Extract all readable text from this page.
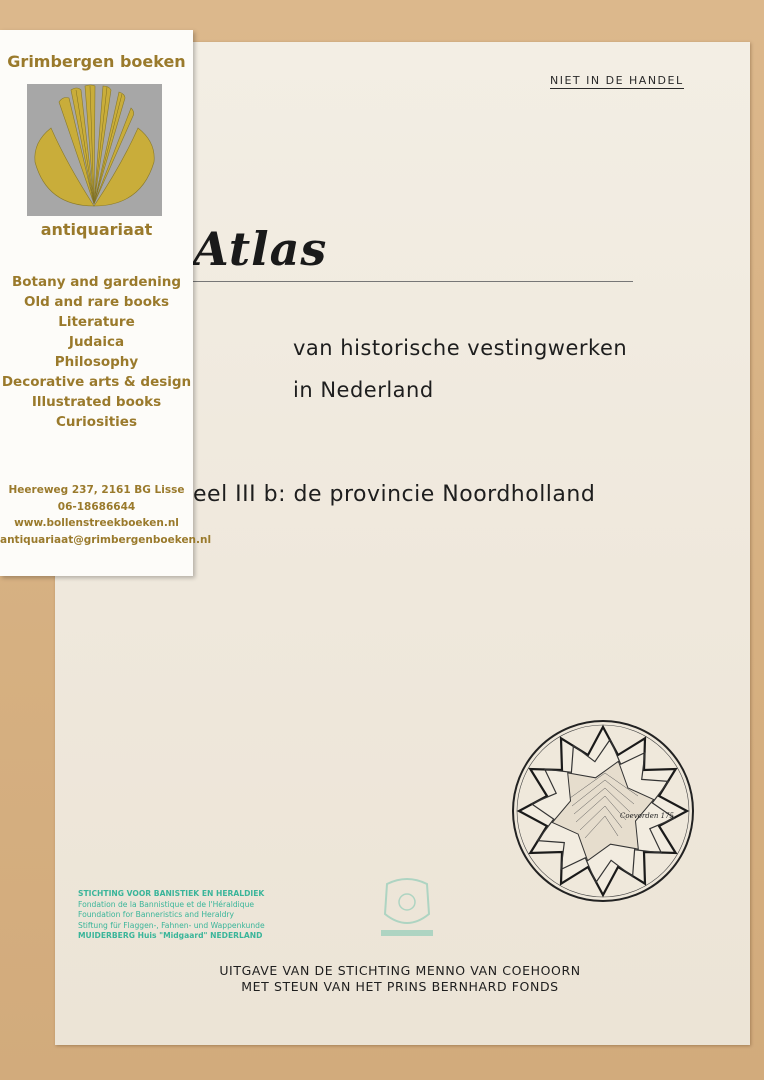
NIET IN DE HANDEL
Atlas
van historische vestingwerken
in Nederland
eel III b: de provincie Noordholland
Coevorden 175
STICHTING VOOR BANISTIEK EN HERALDIEK
Fondation de la Bannistique et de l'Héraldique
Foundation for Banneristics and Heraldry
Stiftung für Flaggen-, Fahnen- und Wappenkunde
MUIDERBERG Huis "Midgaard" NEDERLAND
UITGAVE VAN DE STICHTING MENNO VAN COEHOORN
MET STEUN VAN HET PRINS BERNHARD FONDS
Grimbergen boeken
antiquariaat
Botany and gardening
Old and rare books
Literature
Judaica
Philosophy
Decorative arts & design
Illustrated books
Curiosities
Heereweg 237, 2161 BG Lisse
06-18686644
www.bollenstreekboeken.nl
antiquariaat@grimbergenboeken.nl
